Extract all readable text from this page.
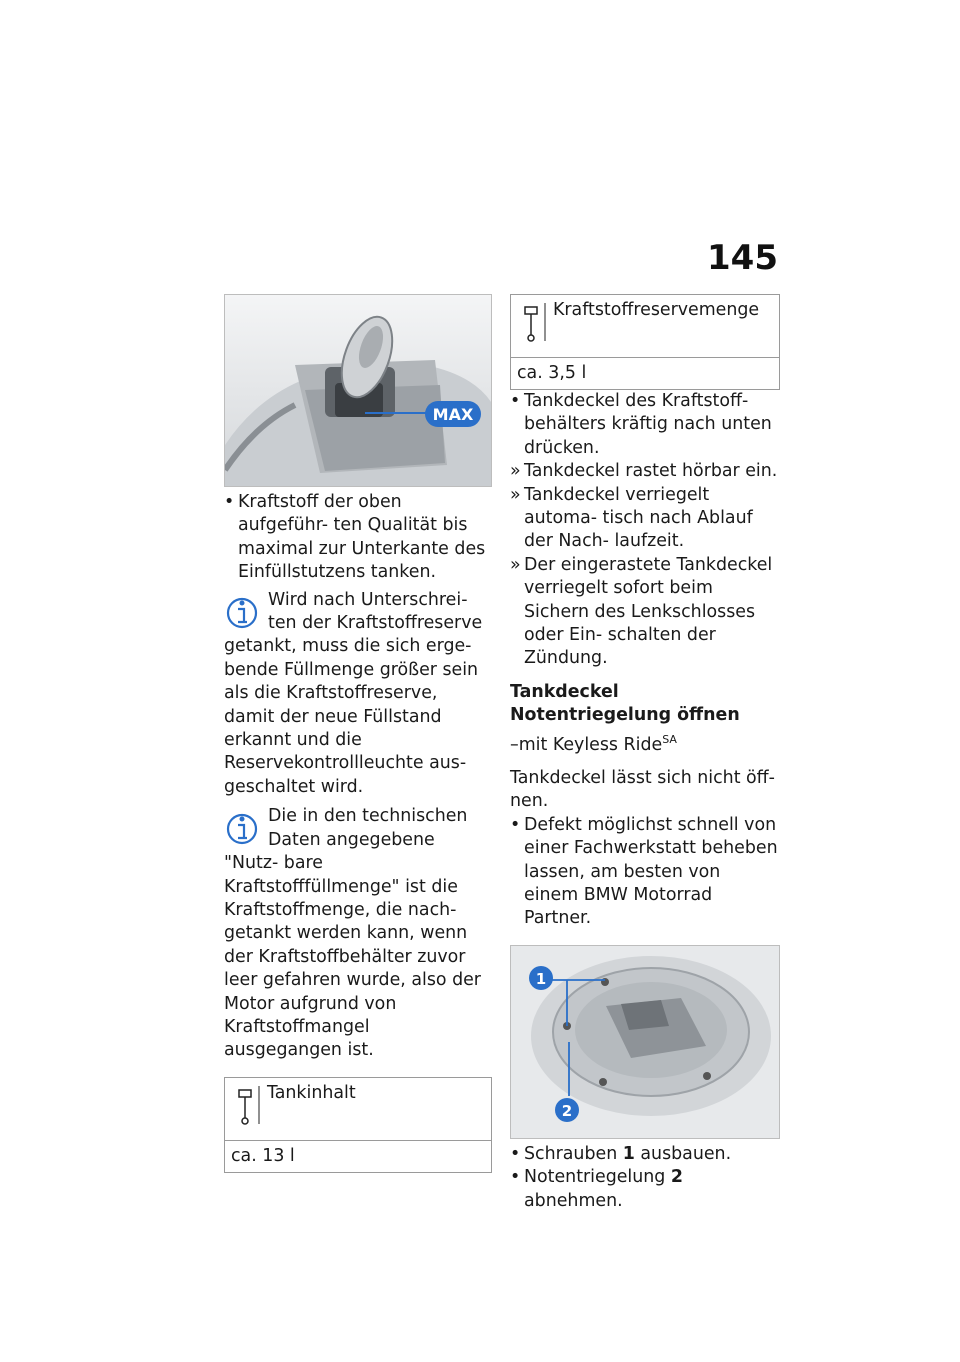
145
MAX
• Kraftstoff der oben aufgeführ- ten Qualität bis maximal zur Unterkante des Einfüllstutzens tanken.
Wird nach Unterschrei- ten der Kraftstoffreserve getankt, muss die sich erge- bende Füllmenge größer sein als die Kraftstoffreserve, damit der neue Füllstand erkannt und die Reservekontrollleuchte aus- geschaltet wird.
Die in den technischen Daten angegebene "Nutz- bare Kraftstofffüllmenge" ist die Kraftstoffmenge, die nach- getankt werden kann, wenn der Kraftstoffbehälter zuvor leer gefahren wurde, also der Motor aufgrund von Kraftstoffmangel ausgegangen ist.
Tankinhalt
ca. 13 l
Kraftstoffreservemenge
ca. 3,5 l
• Tankdeckel des Kraftstoff- behälters kräftig nach unten drücken.
» Tankdeckel rastet hörbar ein.
» Tankdeckel verriegelt automa- tisch nach Ablauf der Nach- laufzeit.
» Der eingerastete Tankdeckel verriegelt sofort beim Sichern des Lenkschlosses oder Ein- schalten der Zündung.
Tankdeckel Notentriegelung öffnen
–mit Keyless Ride$^{SA}$
Tankdeckel lässt sich nicht öff- nen.
• Defekt möglichst schnell von einer Fachwerkstatt beheben lassen, am besten von einem BMW Motorrad Partner.
1
2
• Schrauben 1 ausbauen.
• Notentriegelung 2 abnehmen.
